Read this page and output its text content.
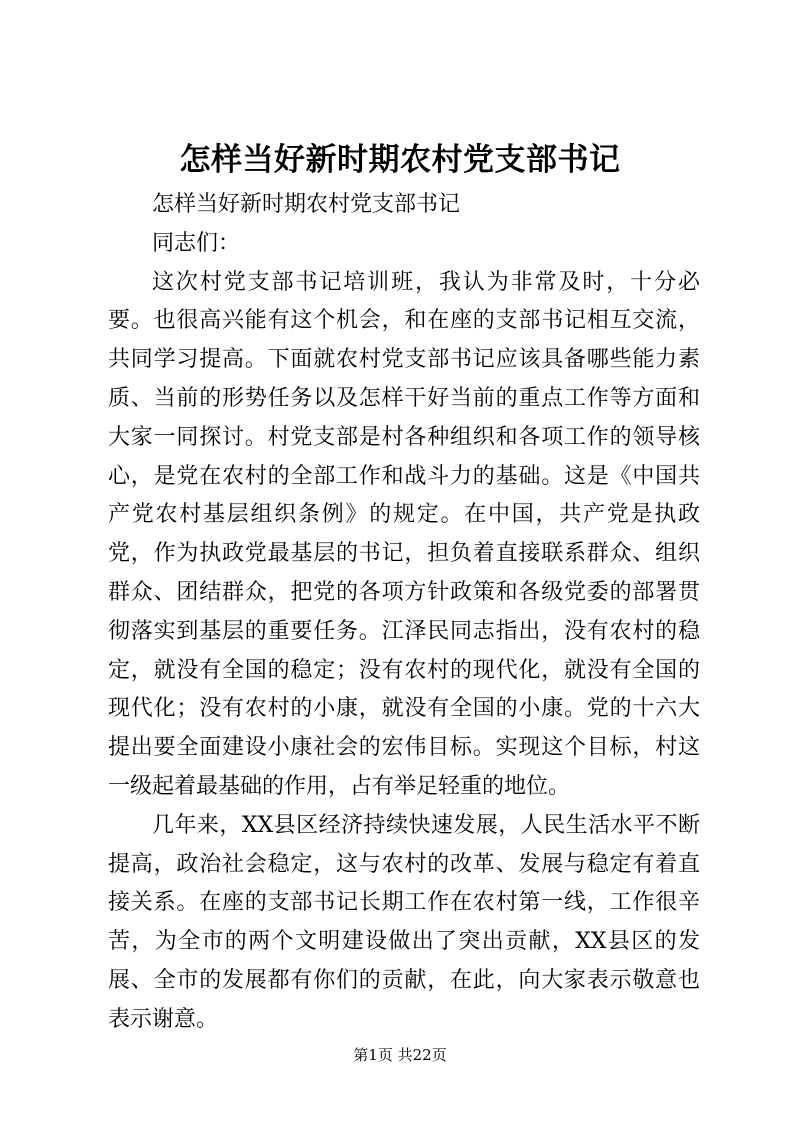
怎样当好新时期农村党支部书记

怎样当好新时期农村党支部书记

同志们：

这次村党支部书记培训班，我认为非常及时，十分必要。也很高兴能有这个机会，和在座的支部书记相互交流，共同学习提高。下面就农村党支部书记应该具备哪些能力素质、当前的形势任务以及怎样干好当前的重点工作等方面和大家一同探讨。村党支部是村各种组织和各项工作的领导核心，是党在农村的全部工作和战斗力的基础。这是《中国共产党农村基层组织条例》的规定。在中国，共产党是执政党，作为执政党最基层的书记，担负着直接联系群众、组织群众、团结群众，把党的各项方针政策和各级党委的部署贯彻落实到基层的重要任务。江泽民同志指出，没有农村的稳定，就没有全国的稳定；没有农村的现代化，就没有全国的现代化；没有农村的小康，就没有全国的小康。党的十六大提出要全面建设小康社会的宏伟目标。实现这个目标，村这一级起着最基础的作用，占有举足轻重的地位。

几年来，XX县区经济持续快速发展，人民生活水平不断提高，政治社会稳定，这与农村的改革、发展与稳定有着直接关系。在座的支部书记长期工作在农村第一线，工作很辛苦，为全市的两个文明建设做出了突出贡献，XX县区的发展、全市的发展都有你们的贡献，在此，向大家表示敬意也表示谢意。

第1页 共22页
